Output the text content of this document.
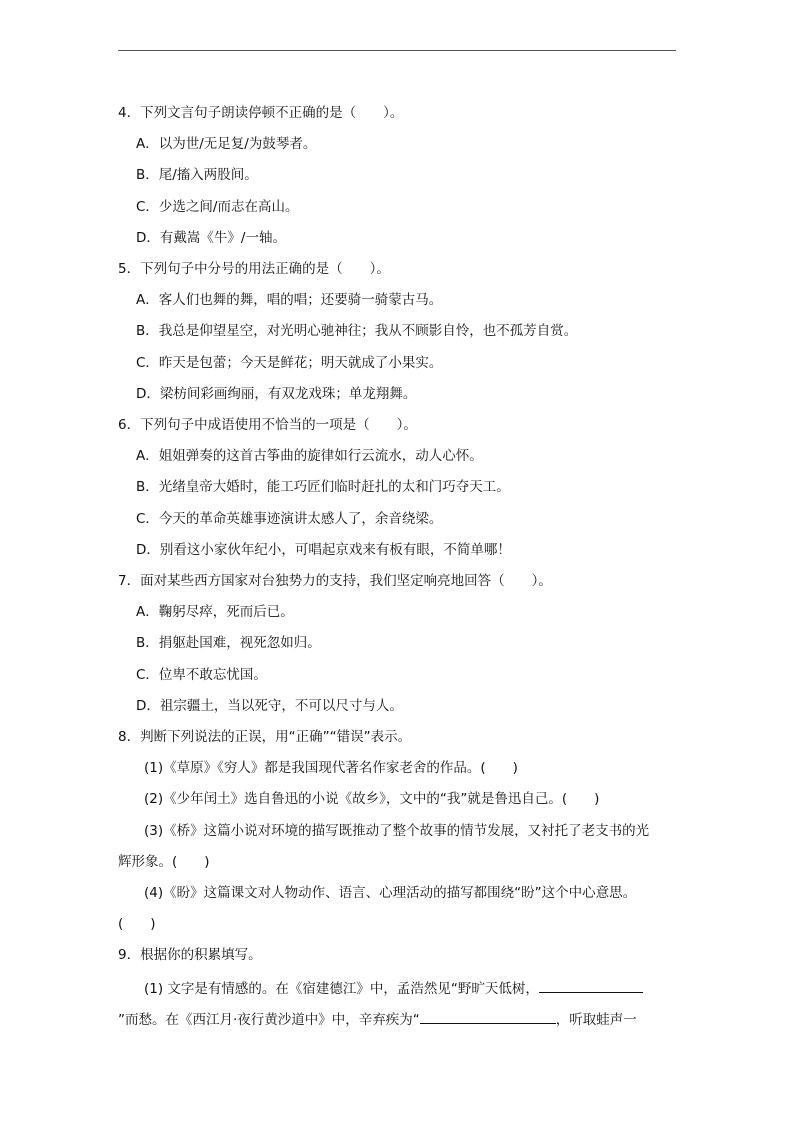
4．下列文言句子朗读停顿不正确的是（　　）。
A．以为世/无足复/为鼓琴者。
B．尾/搐入两股间。
C．少选之间/而志在高山。
D．有戴嵩《牛》/一轴。
5．下列句子中分号的用法正确的是（　　）。
A．客人们也舞的舞，唱的唱；还要骑一骑蒙古马。
B．我总是仰望星空，对光明心驰神往；我从不顾影自怜，也不孤芳自赏。
C．昨天是包蕾；今天是鲜花；明天就成了小果实。
D．梁枋间彩画绚丽，有双龙戏珠；单龙翔舞。
6．下列句子中成语使用不恰当的一项是（　　）。
A．姐姐弹奏的这首古筝曲的旋律如行云流水，动人心怀。
B．光绪皇帝大婚时，能工巧匠们临时赶扎的太和门巧夺天工。
C．今天的革命英雄事迹演讲太感人了，余音绕梁。
D．别看这小家伙年纪小，可唱起京戏来有板有眼，不简单哪！
7．面对某些西方国家对台独势力的支持，我们坚定响亮地回答（　　）。
A．鞠躬尽瘁，死而后已。
B．捐躯赴国难，视死忽如归。
C．位卑不敢忘忧国。
D．祖宗疆土，当以死守，不可以尺寸与人。
8．判断下列说法的正误，用“正确”“错误”表示。
(1)《草原》《穷人》都是我国现代著名作家老舍的作品。(　　)
(2)《少年闰土》选自鲁迅的小说《故乡》，文中的“我”就是鲁迅自己。(　　)
(3)《桥》这篇小说对环境的描写既推动了整个故事的情节发展，又衬托了老支书的光
辉形象。(　　)
(4)《盼》这篇课文对人物动作、语言、心理活动的描写都围绕“盼”这个中心意思。
(　　)
9．根据你的积累填写。
(1) 文字是有情感的。在《宿建德江》中，孟浩然见“野旷天低树，
”而愁。在《西江月·夜行黄沙道中》中，辛弃疾为“	，听取蛙声一
